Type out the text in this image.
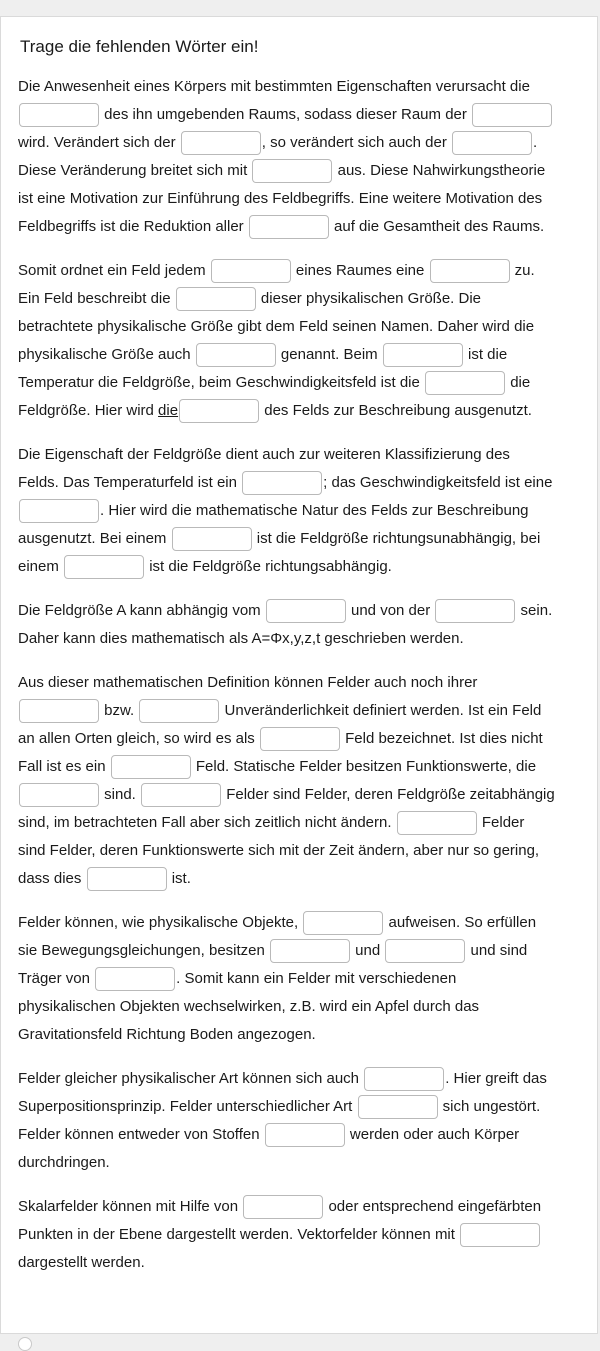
Trage die fehlenden Wörter ein!
Die Anwesenheit eines Körpers mit bestimmten Eigenschaften verursacht die
des ihn umgebenden Raums, sodass dieser Raum der
wird. Verändert sich der	, so verändert sich auch der	.
Diese Veränderung breitet sich mit	aus. Diese Nahwirkungstheorie
ist eine Motivation zur Einführung des Feldbegriffs. Eine weitere Motivation des
Feldbegriffs ist die Reduktion aller	auf die Gesamtheit des Raums.
Somit ordnet ein Feld jedem	eines Raumes eine	zu.
Ein Feld beschreibt die	dieser physikalischen Größe. Die
betrachtete physikalische Größe gibt dem Feld seinen Namen. Daher wird die
physikalische Größe auch	genannt. Beim	ist die
Temperatur die Feldgröße, beim Geschwindigkeitsfeld ist die	die
Feldgröße. Hier wird die	des Felds zur Beschreibung ausgenutzt.
Die Eigenschaft der Feldgröße dient auch zur weiteren Klassifizierung des
Felds. Das Temperaturfeld ist ein	; das Geschwindigkeitsfeld ist eine
. Hier wird die mathematische Natur des Felds zur Beschreibung
ausgenutzt. Bei einem	ist die Feldgröße richtungsunabhängig, bei
einem	ist die Feldgröße richtungsabhängig.
Die Feldgröße A kann abhängig vom	und von der	sein.
Daher kann dies mathematisch als A=Φx,y,z,t geschrieben werden.
Aus dieser mathematischen Definition können Felder auch noch ihrer
bzw.	Unveränderlichkeit definiert werden. Ist ein Feld
an allen Orten gleich, so wird es als	Feld bezeichnet. Ist dies nicht
Fall ist es ein	Feld. Statische Felder besitzen Funktionswerte, die
sind.	Felder sind Felder, deren Feldgröße zeitabhängig
sind, im betrachteten Fall aber sich zeitlich nicht ändern.	Felder
sind Felder, deren Funktionswerte sich mit der Zeit ändern, aber nur so gering,
dass dies	ist.
Felder können, wie physikalische Objekte,	aufweisen. So erfüllen
sie Bewegungsgleichungen, besitzen	und	und sind
Träger von	. Somit kann ein Felder mit verschiedenen
physikalischen Objekten wechselwirken, z.B. wird ein Apfel durch das
Gravitationsfeld Richtung Boden angezogen.
Felder gleicher physikalischer Art können sich auch	. Hier greift das
Superpositionsprinzip. Felder unterschiedlicher Art	sich ungestört.
Felder können entweder von Stoffen	werden oder auch Körper
durchdringen.
Skalarfelder können mit Hilfe von	oder entsprechend eingefärbten
Punkten in der Ebene dargestellt werden. Vektorfelder können mit
dargestellt werden.
